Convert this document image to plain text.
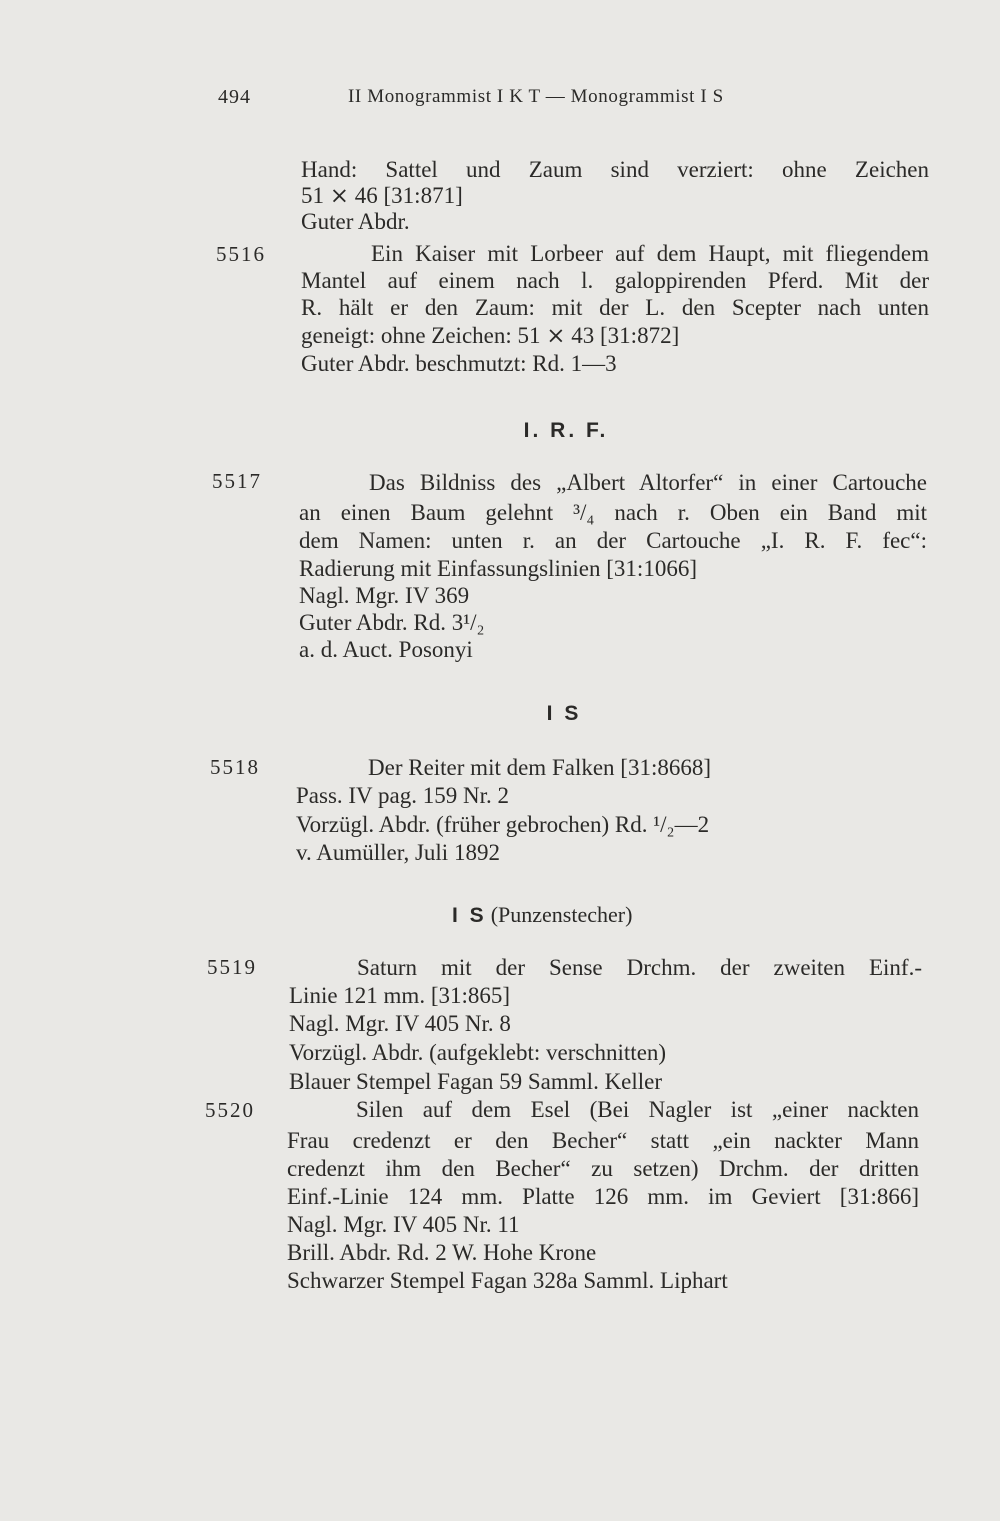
494	II Monogrammist I K T — Monogrammist I S
Hand: Sattel und Zaum sind verziert: ohne Zeichen
51 ⨯ 46 [31:871]
Guter Abdr.
5516	Ein Kaiser mit Lorbeer auf dem Haupt, mit fliegendem
Mantel auf einem nach l. galoppirenden Pferd. Mit der
R. hält er den Zaum: mit der L. den Scepter nach unten
geneigt: ohne Zeichen: 51 ⨯ 43 [31:872]
Guter Abdr. beschmutzt: Rd. 1—3
I. R. F.
5517	Das Bildniss des „Albert Altorfer“ in einer Cartouche
an einen Baum gelehnt ³/₄ nach r. Oben ein Band mit
dem Namen: unten r. an der Cartouche „I. R. F. fec“:
Radierung mit Einfassungslinien [31:1066]
Nagl. Mgr. IV 369
Guter Abdr. Rd. 3¹/₂
a. d. Auct. Posonyi
I S
5518	Der Reiter mit dem Falken [31:8668]
Pass. IV pag. 159 Nr. 2
Vorzügl. Abdr. (früher gebrochen) Rd. ¹/₂—2
v. Aumüller, Juli 1892
I S (Punzenstecher)
5519	Saturn mit der Sense Drchm. der zweiten Einf.-
Linie 121 mm. [31:865]
Nagl. Mgr. IV 405 Nr. 8
Vorzügl. Abdr. (aufgeklebt: verschnitten)
Blauer Stempel Fagan 59 Samml. Keller
5520	Silen auf dem Esel (Bei Nagler ist „einer nackten
Frau credenzt er den Becher“ statt „ein nackter Mann
credenzt ihm den Becher“ zu setzen) Drchm. der dritten
Einf.-Linie 124 mm. Platte 126 mm. im Geviert [31:866]
Nagl. Mgr. IV 405 Nr. 11
Brill. Abdr. Rd. 2 W. Hohe Krone
Schwarzer Stempel Fagan 328a Samml. Liphart
